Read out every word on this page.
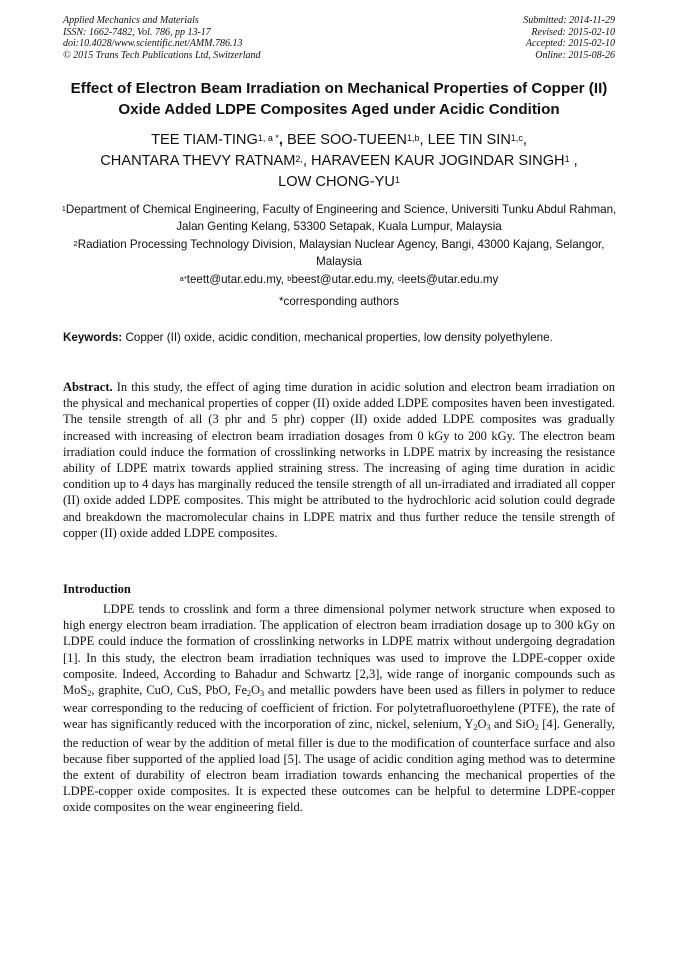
Applied Mechanics and Materials
ISSN: 1662-7482, Vol. 786, pp 13-17
doi:10.4028/www.scientific.net/AMM.786.13
© 2015 Trans Tech Publications Ltd, Switzerland
Submitted: 2014-11-29
Revised: 2015-02-10
Accepted: 2015-02-10
Online: 2015-08-26
Effect of Electron Beam Irradiation on Mechanical Properties of Copper (II) Oxide Added LDPE Composites Aged under Acidic Condition
TEE TIAM-$TING^{1, a *}$, BEE SOO-TUEEN$^{1,b}$, LEE TIN SIN$^{1,c}$,
CHANTARA THEVY $RATNAM^{2,}$, HARAVEEN KAUR JOGINDAR SINGH$^1$ ,
LOW CHONG-$YU^1$
$^1$Department of Chemical Engineering, Faculty of Engineering and Science, Universiti Tunku Abdul Rahman, Jalan Genting Kelang, 53300 Setapak, Kuala Lumpur, Malaysia
$^2$Radiation Processing Technology Division, Malaysian Nuclear Agency, Bangi, 43000 Kajang, Selangor, Malaysia
$^{a*}$teett@utar.edu.my, $^b$beest@utar.edu.my, $^c$leets@utar.edu.my
*corresponding authors
Keywords: Copper (II) oxide, acidic condition, mechanical properties, low density polyethylene.
Abstract. In this study, the effect of aging time duration in acidic solution and electron beam irradiation on the physical and mechanical properties of copper (II) oxide added LDPE composites haven been investigated. The tensile strength of all (3 phr and 5 phr) copper (II) oxide added LDPE composites was gradually increased with increasing of electron beam irradiation dosages from 0 kGy to 200 kGy. The electron beam irradiation could induce the formation of crosslinking networks in LDPE matrix by increasing the resistance ability of LDPE matrix towards applied straining stress. The increasing of aging time duration in acidic condition up to 4 days has marginally reduced the tensile strength of all un-irradiated and irradiated all copper (II) oxide added LDPE composites. This might be attributed to the hydrochloric acid solution could degrade and breakdown the macromolecular chains in LDPE matrix and thus further reduce the tensile strength of copper (II) oxide added LDPE composites.
Introduction
LDPE tends to crosslink and form a three dimensional polymer network structure when exposed to high energy electron beam irradiation. The application of electron beam irradiation dosage up to 300 kGy on LDPE could induce the formation of crosslinking networks in LDPE matrix without undergoing degradation [1]. In this study, the electron beam irradiation techniques was used to improve the LDPE-copper oxide composite. Indeed, According to Bahadur and Schwartz [2,3], wide range of inorganic compounds such as MoS$_2$, graphite, CuO, CuS, PbO, $Fe_2O_3$ and metallic powders have been used as fillers in polymer to reduce wear corresponding to the reducing of coefficient of friction. For polytetrafluoroethylene (PTFE), the rate of wear has significantly reduced with the incorporation of zinc, nickel, selenium, $Y_2O_3$ and SiO$_2$ [4]. Generally, the reduction of wear by the addition of metal filler is due to the modification of counterface surface and also because fiber supported of the applied load [5]. The usage of acidic condition aging method was to determine the extent of durability of electron beam irradiation towards enhancing the mechanical properties of the LDPE-copper oxide composites. It is expected these outcomes can be helpful to determine LDPE-copper oxide composites on the wear engineering field.
